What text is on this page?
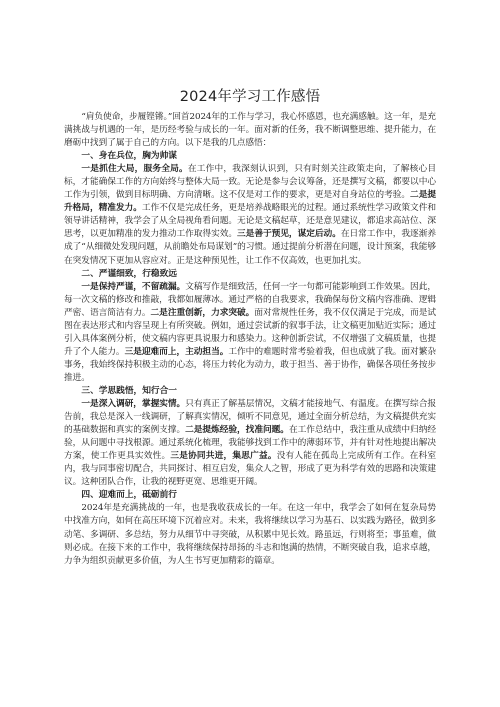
2024年学习工作感悟

“肩负使命，步履铿锵。”回首2024年的工作与学习，我心怀感恩，也充满感触。这一年，是充满挑战与机遇的一年，是历经考验与成长的一年。面对新的任务，我不断调整思维、提升能力，在磨砺中找到了属于自己的方向。以下是我的几点感悟：

一、身在兵位，胸为帅谋

一是抓住大局，服务全局。在工作中，我深刻认识到，只有时刻关注政策走向，了解核心目标，才能确保工作的方向始终与整体大局一致。无论是参与会议筹备，还是撰写文稿，都要以中心工作为引领，做到目标明确、方向清晰。这不仅是对工作的要求，更是对自身站位的考验。二是提升格局，精准发力。工作不仅是完成任务，更是培养战略眼光的过程。通过系统性学习政策文件和领导讲话精神，我学会了从全局视角看问题。无论是文稿起草，还是意见建议，都追求高站位、深思考，以更加精准的发力推动工作取得实效。三是善于预见，谋定后动。在日常工作中，我逐渐养成了“从细微处发现问题，从前瞻处布局谋划”的习惯。通过提前分析潜在问题，设计预案，我能够在突发情况下更加从容应对。正是这种预见性，让工作不仅高效，也更加扎实。

二、严谨细致，行稳致远

一是保持严谨，不留疏漏。文稿写作是细致活，任何一字一句都可能影响到工作效果。因此，每一次文稿的修改和推敲，我都如履薄冰。通过严格的自我要求，我确保每份文稿内容准确、逻辑严密、语言简洁有力。二是注重创新，力求突破。面对常规性任务，我不仅仅满足于完成，而是试图在表达形式和内容呈现上有所突破。例如，通过尝试新的叙事手法，让文稿更加贴近实际；通过引入具体案例分析，使文稿内容更具说服力和感染力。这种创新尝试，不仅增强了文稿质量，也提升了个人能力。三是迎难而上，主动担当。工作中的难题时常考验着我，但也成就了我。面对繁杂事务，我始终保持积极主动的心态，将压力转化为动力，敢于担当、善于协作，确保各项任务按步推进。

三、学思践悟，知行合一

一是深入调研，掌握实情。只有真正了解基层情况，文稿才能接地气、有温度。在撰写综合报告前，我总是深入一线调研，了解真实情况，倾听不同意见，通过全面分析总结，为文稿提供充实的基础数据和真实的案例支撑。二是提炼经验，找准问题。在工作总结中，我注重从成绩中归纳经验，从问题中寻找根源。通过系统化梳理，我能够找到工作中的薄弱环节，并有针对性地提出解决方案，使工作更具实效性。三是协同共进，集思广益。没有人能在孤岛上完成所有工作。在科室内，我与同事密切配合，共同探讨、相互启发，集众人之智，形成了更为科学有效的思路和决策建议。这种团队合作，让我的视野更宽、思维更开阔。

四、迎难而上，砥砺前行

2024年是充满挑战的一年，也是我收获成长的一年。在这一年中，我学会了如何在复杂局势中找准方向，如何在高压环境下沉着应对。未来，我将继续以学习为基石、以实践为路径，做到多动笔、多调研、多总结，努力从细节中寻突破，从积累中见长效。路虽远，行则将至；事虽难，做则必成。在接下来的工作中，我将继续保持昂扬的斗志和饱满的热情，不断突破自我，追求卓越，力争为组织贡献更多价值，为人生书写更加精彩的篇章。
